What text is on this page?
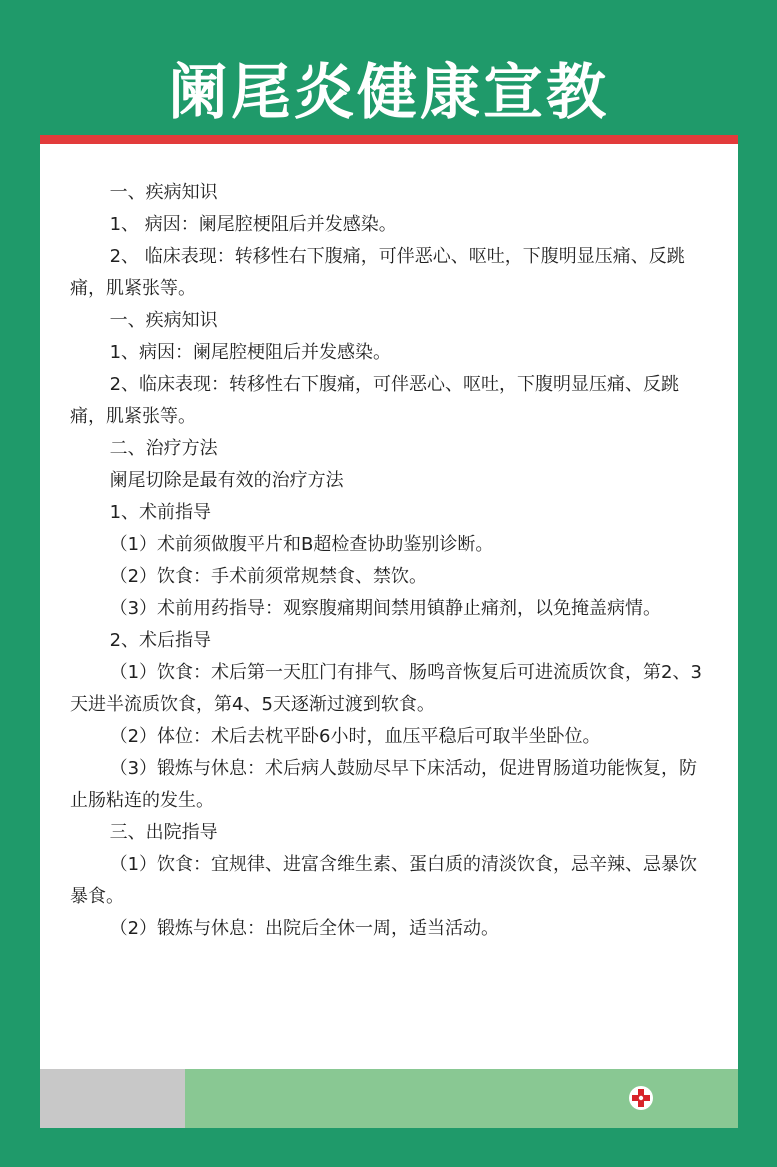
阑尾炎健康宣教

一、疾病知识

1、 病因：阑尾腔梗阻后并发感染。

2、 临床表现：转移性右下腹痛，可伴恶心、呕吐，下腹明显压痛、反跳痛，肌紧张等。

一、疾病知识

1、病因：阑尾腔梗阻后并发感染。

2、临床表现：转移性右下腹痛，可伴恶心、呕吐，下腹明显压痛、反跳痛，肌紧张等。

二、治疗方法

阑尾切除是最有效的治疗方法

1、术前指导

（1）术前须做腹平片和B超检查协助鉴别诊断。

（2）饮食：手术前须常规禁食、禁饮。

（3）术前用药指导：观察腹痛期间禁用镇静止痛剂，以免掩盖病情。

2、术后指导

（1）饮食：术后第一天肛门有排气、肠鸣音恢复后可进流质饮食，第2、3天进半流质饮食，第4、5天逐渐过渡到软食。

（2）体位：术后去枕平卧6小时，血压平稳后可取半坐卧位。

（3）锻炼与休息：术后病人鼓励尽早下床活动，促进胃肠道功能恢复，防止肠粘连的发生。

三、出院指导

（1）饮食：宜规律、进富含维生素、蛋白质的清淡饮食，忌辛辣、忌暴饮暴食。

（2）锻炼与休息：出院后全休一周，适当活动。
